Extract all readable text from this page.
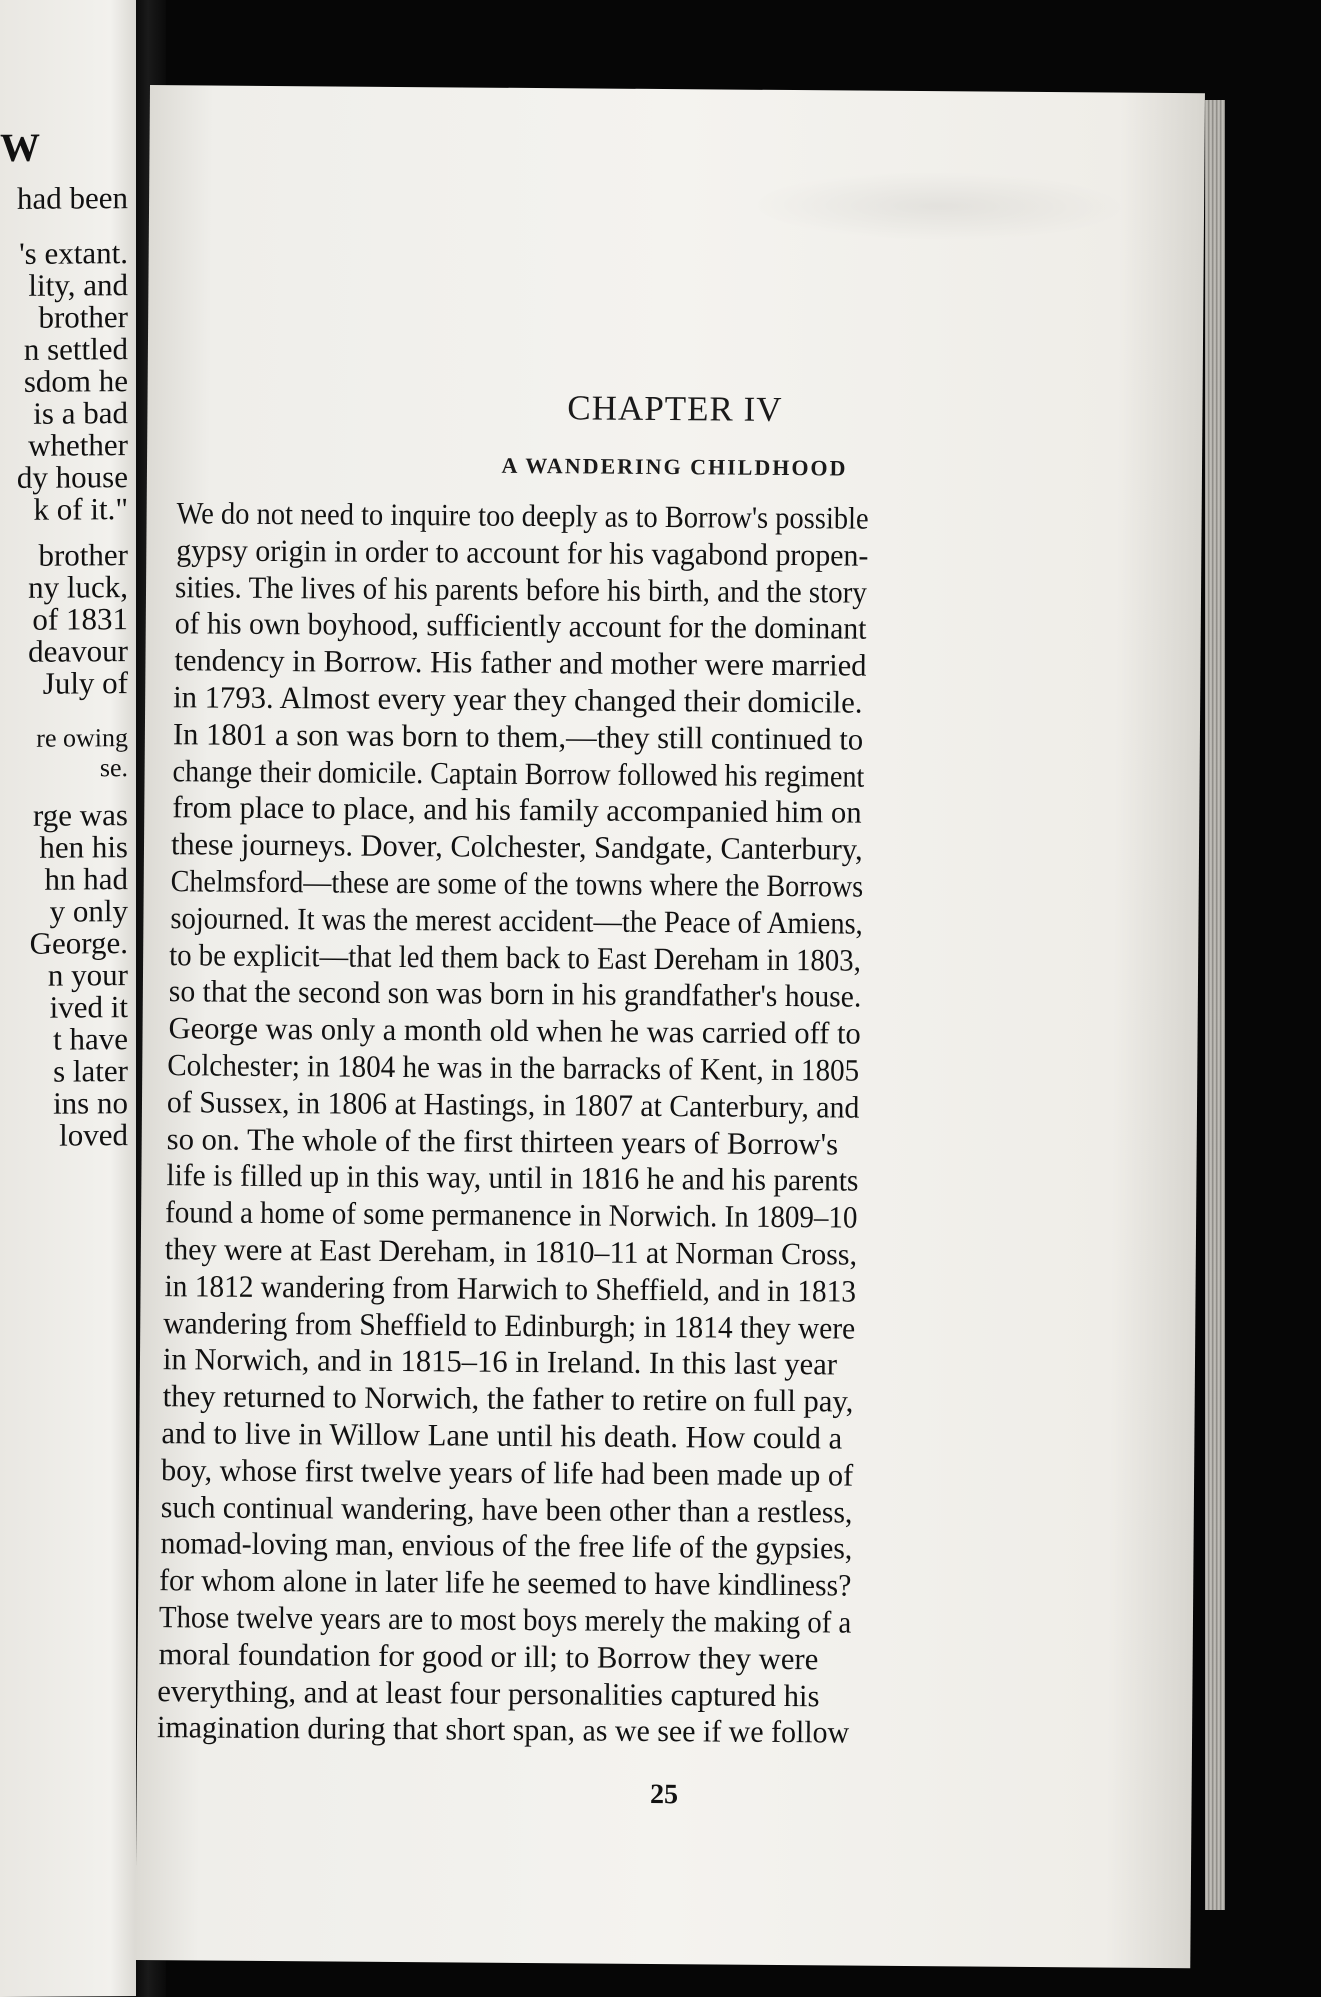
W
had been
's extant.
lity, and
brother
n settled
sdom he
is a bad
whether
dy house
k of it."
brother
ny luck,
of 1831
deavour
July of
re owing
se.
rge was
hen his
hn had
y only
George.
n your
ived it
t have
s later
ins no
loved
CHAPTER IV
A WANDERING CHILDHOOD
We do not need to inquire too deeply as to Borrow's possible
gypsy origin in order to account for his vagabond propen-
sities. The lives of his parents before his birth, and the story
of his own boyhood, sufficiently account for the dominant
tendency in Borrow. His father and mother were married
in 1793. Almost every year they changed their domicile.
In 1801 a son was born to them,—they still continued to
change their domicile. Captain Borrow followed his regiment
from place to place, and his family accompanied him on
these journeys. Dover, Colchester, Sandgate, Canterbury,
Chelmsford—these are some of the towns where the Borrows
sojourned. It was the merest accident—the Peace of Amiens,
to be explicit—that led them back to East Dereham in 1803,
so that the second son was born in his grandfather's house.
George was only a month old when he was carried off to
Colchester; in 1804 he was in the barracks of Kent, in 1805
of Sussex, in 1806 at Hastings, in 1807 at Canterbury, and
so on. The whole of the first thirteen years of Borrow's
life is filled up in this way, until in 1816 he and his parents
found a home of some permanence in Norwich. In 1809–10
they were at East Dereham, in 1810–11 at Norman Cross,
in 1812 wandering from Harwich to Sheffield, and in 1813
wandering from Sheffield to Edinburgh; in 1814 they were
in Norwich, and in 1815–16 in Ireland. In this last year
they returned to Norwich, the father to retire on full pay,
and to live in Willow Lane until his death. How could a
boy, whose first twelve years of life had been made up of
such continual wandering, have been other than a restless,
nomad-loving man, envious of the free life of the gypsies,
for whom alone in later life he seemed to have kindliness?
Those twelve years are to most boys merely the making of a
moral foundation for good or ill; to Borrow they were
everything, and at least four personalities captured his
imagination during that short span, as we see if we follow
25
